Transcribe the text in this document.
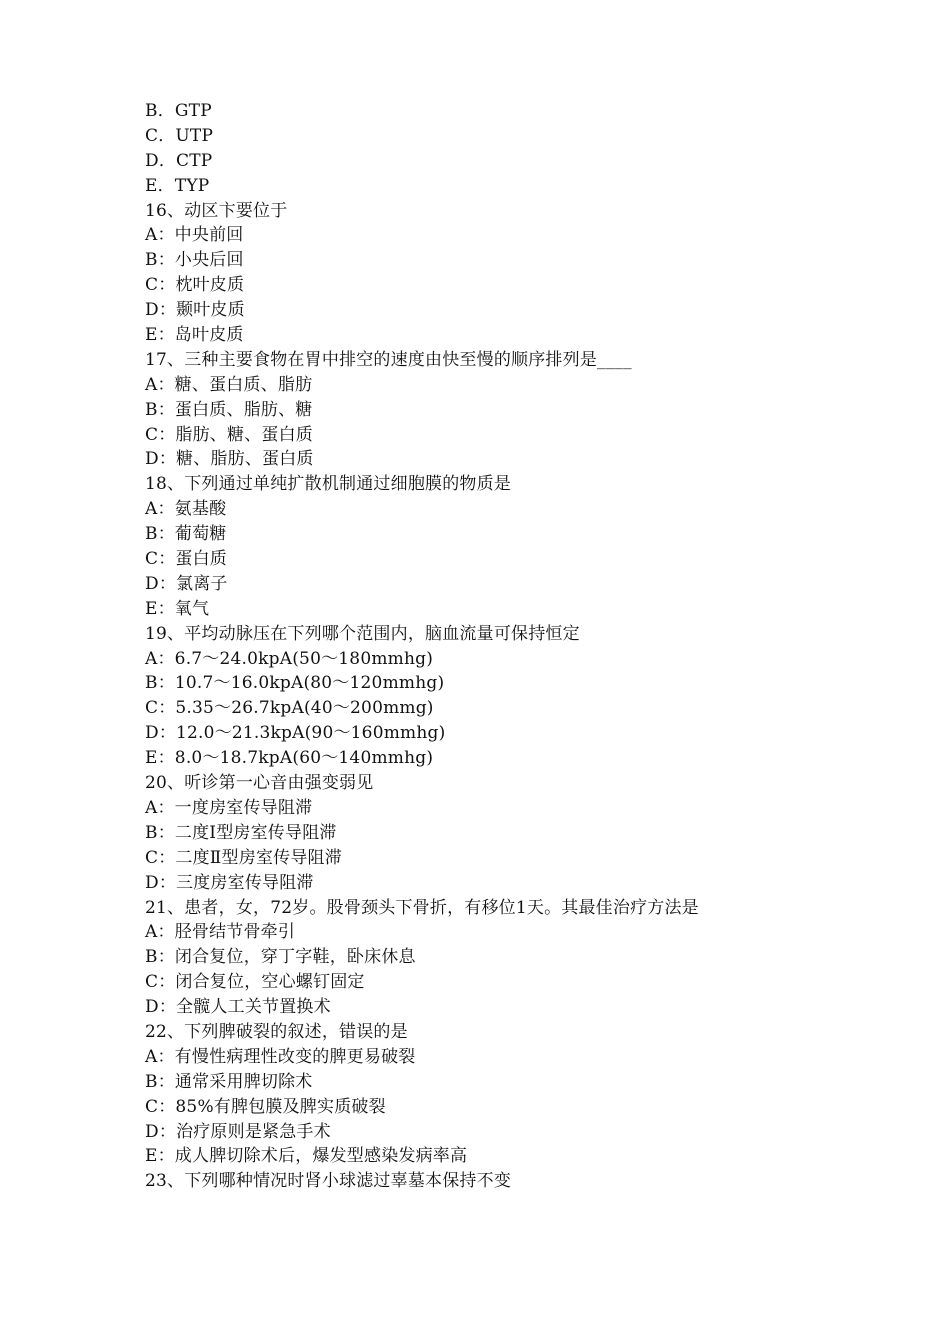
B．GTP
C．UTP
D．CTP
E．TYP
16、动区卞要位于
A：中央前回
B：小央后回
C：枕叶皮质
D：颞叶皮质
E：岛叶皮质
17、三种主要食物在胃中排空的速度由快至慢的顺序排列是____
A：糖、蛋白质、脂肪
B：蛋白质、脂肪、糖
C：脂肪、糖、蛋白质
D：糖、脂肪、蛋白质
18、下列通过单纯扩散机制通过细胞膜的物质是
A：氨基酸
B：葡萄糖
C：蛋白质
D：氯离子
E：氧气
19、平均动脉压在下列哪个范围内，脑血流量可保持恒定
A：6.7～24.0kpA(50～180mmhg)
B：10.7～16.0kpA(80～120mmhg)
C：5.35～26.7kpA(40～200mmg)
D：12.0～21.3kpA(90～160mmhg)
E：8.0～18.7kpA(60～140mmhg)
20、听诊第一心音由强变弱见
A：一度房室传导阻滞
B：二度Ⅰ型房室传导阻滞
C：二度Ⅱ型房室传导阻滞
D：三度房室传导阻滞
21、患者，女，72岁。股骨颈头下骨折，有移位1天。其最佳治疗方法是
A：胫骨结节骨牵引
B：闭合复位，穿丁字鞋，卧床休息
C：闭合复位，空心螺钉固定
D：全髋人工关节置换术
22、下列脾破裂的叙述，错误的是
A：有慢性病理性改变的脾更易破裂
B：通常采用脾切除术
C：85%有脾包膜及脾实质破裂
D：治疗原则是紧急手术
E：成人脾切除术后，爆发型感染发病率高
23、下列哪种情况时肾小球滤过辜墓本保持不变
